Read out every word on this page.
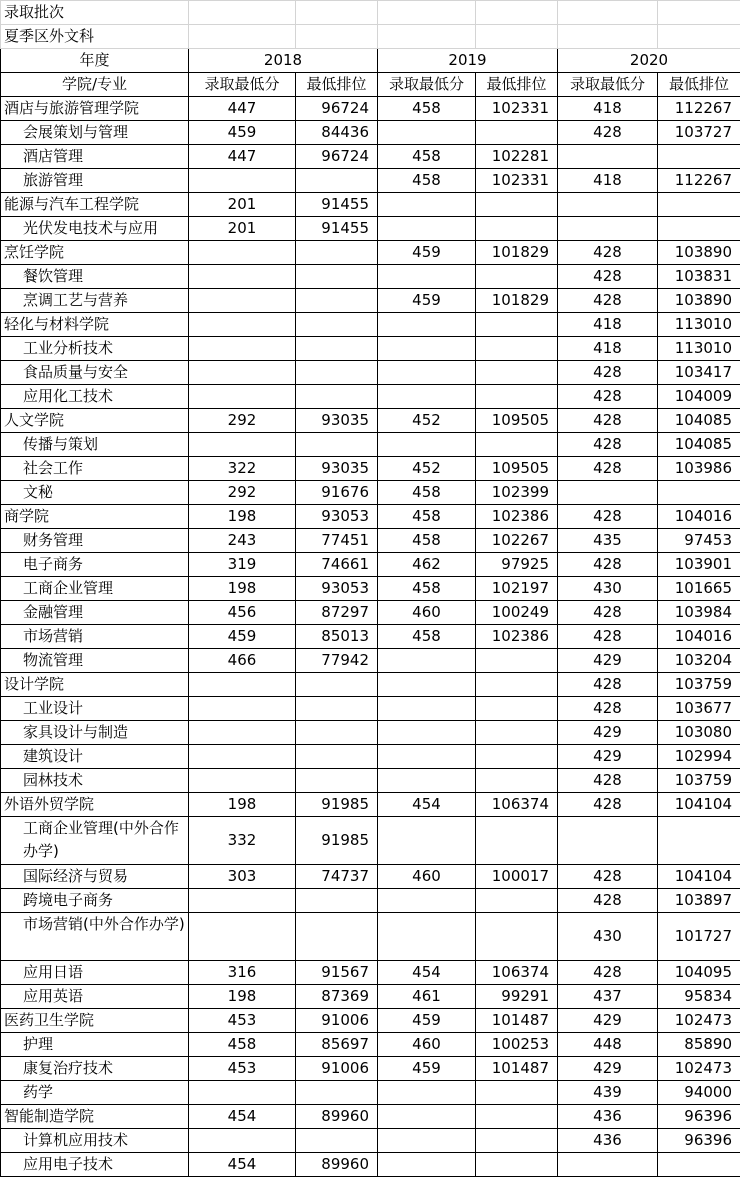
录取批次						
夏季区外文科						
年度	2018		2019		2020	
学院/专业	录取最低分	最低排位	录取最低分	最低排位	录取最低分	最低排位
酒店与旅游管理学院	447	96724	458	102331	418	112267
会展策划与管理	459	84436			428	103727
酒店管理	447	96724	458	102281		
旅游管理			458	102331	418	112267
能源与汽车工程学院	201	91455				
光伏发电技术与应用	201	91455				
烹饪学院			459	101829	428	103890
餐饮管理					428	103831
烹调工艺与营养			459	101829	428	103890
轻化与材料学院					418	113010
工业分析技术					418	113010
食品质量与安全					428	103417
应用化工技术					428	104009
人文学院	292	93035	452	109505	428	104085
传播与策划					428	104085
社会工作	322	93035	452	109505	428	103986
文秘	292	91676	458	102399		
商学院	198	93053	458	102386	428	104016
财务管理	243	77451	458	102267	435	97453
电子商务	319	74661	462	97925	428	103901
工商企业管理	198	93053	458	102197	430	101665
金融管理	456	87297	460	100249	428	103984
市场营销	459	85013	458	102386	428	104016
物流管理	466	77942			429	103204
设计学院					428	103759
工业设计					428	103677
家具设计与制造					429	103080
建筑设计					429	102994
园林技术					428	103759
外语外贸学院	198	91985	454	106374	428	104104
工商企业管理(中外合作办学)	332	91985				
国际经济与贸易	303	74737	460	100017	428	104104
跨境电子商务					428	103897
市场营销(中外合作办学)					430	101727
应用日语	316	91567	454	106374	428	104095
应用英语	198	87369	461	99291	437	95834
医药卫生学院	453	91006	459	101487	429	102473
护理	458	85697	460	100253	448	85890
康复治疗技术	453	91006	459	101487	429	102473
药学					439	94000
智能制造学院	454	89960			436	96396
计算机应用技术					436	96396
应用电子技术	454	89960				
